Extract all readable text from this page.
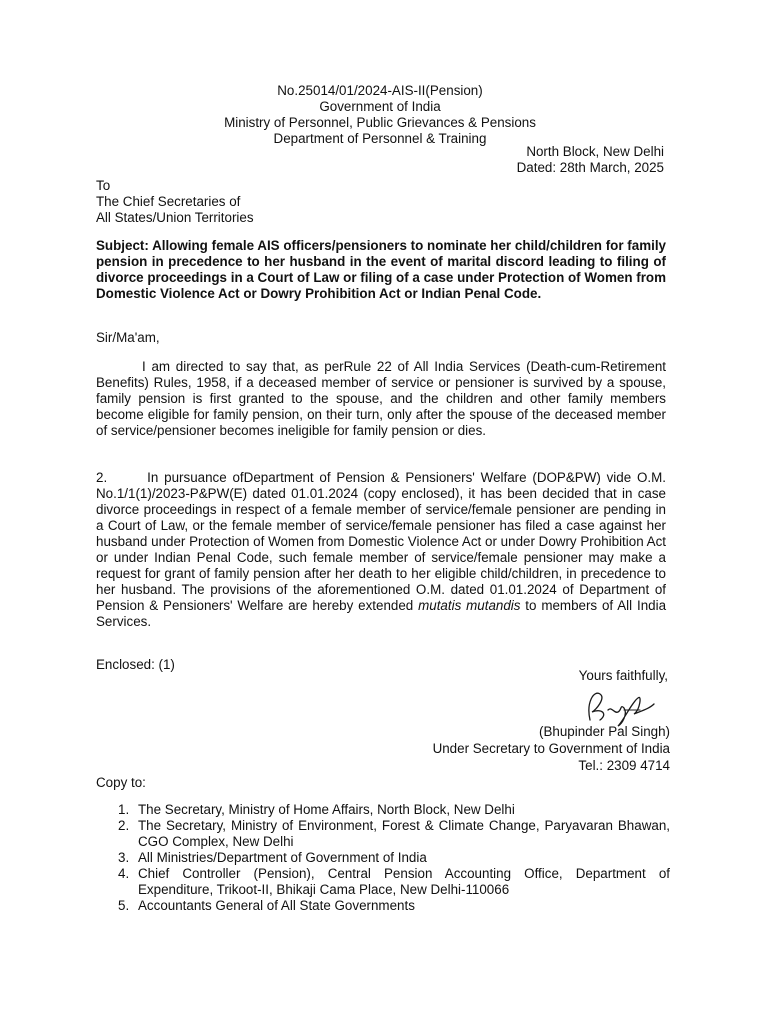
No.25014/01/2024-AIS-II(Pension)
Government of India
Ministry of Personnel, Public Grievances & Pensions
Department of Personnel & Training
North Block, New Delhi
Dated: 28th March, 2025
To
The Chief Secretaries of
All States/Union Territories
Subject: Allowing female AIS officers/pensioners to nominate her child/children for family pension in precedence to her husband in the event of marital discord leading to filing of divorce proceedings in a Court of Law or filing of a case under Protection of Women from Domestic Violence Act or Dowry Prohibition Act or Indian Penal Code.
Sir/Ma'am,
I am directed to say that, as perRule 22 of All India Services (Death-cum-Retirement Benefits) Rules, 1958, if a deceased member of service or pensioner is survived by a spouse, family pension is first granted to the spouse, and the children and other family members become eligible for family pension, on their turn, only after the spouse of the deceased member of service/pensioner becomes ineligible for family pension or dies.
2.	In pursuance ofDepartment of Pension & Pensioners' Welfare (DOP&PW) vide O.M. No.1/1(1)/2023-P&PW(E) dated 01.01.2024 (copy enclosed), it has been decided that in case divorce proceedings in respect of a female member of service/female pensioner are pending in a Court of Law, or the female member of service/female pensioner has filed a case against her husband under Protection of Women from Domestic Violence Act or under Dowry Prohibition Act or under Indian Penal Code, such female member of service/female pensioner may make a request for grant of family pension after her death to her eligible child/children, in precedence to her husband. The provisions of the aforementioned O.M. dated 01.01.2024 of Department of Pension & Pensioners' Welfare are hereby extended mutatis mutandis to members of All India Services.
Enclosed: (1)
Yours faithfully,
(Bhupinder Pal Singh)
Under Secretary to Government of India
Tel.: 2309 4714
Copy to:
1. The Secretary, Ministry of Home Affairs, North Block, New Delhi
2. The Secretary, Ministry of Environment, Forest & Climate Change, Paryavaran Bhawan, CGO Complex, New Delhi
3. All Ministries/Department of Government of India
4. Chief Controller (Pension), Central Pension Accounting Office, Department of Expenditure, Trikoot-II, Bhikaji Cama Place, New Delhi-110066
5. Accountants General of All State Governments
